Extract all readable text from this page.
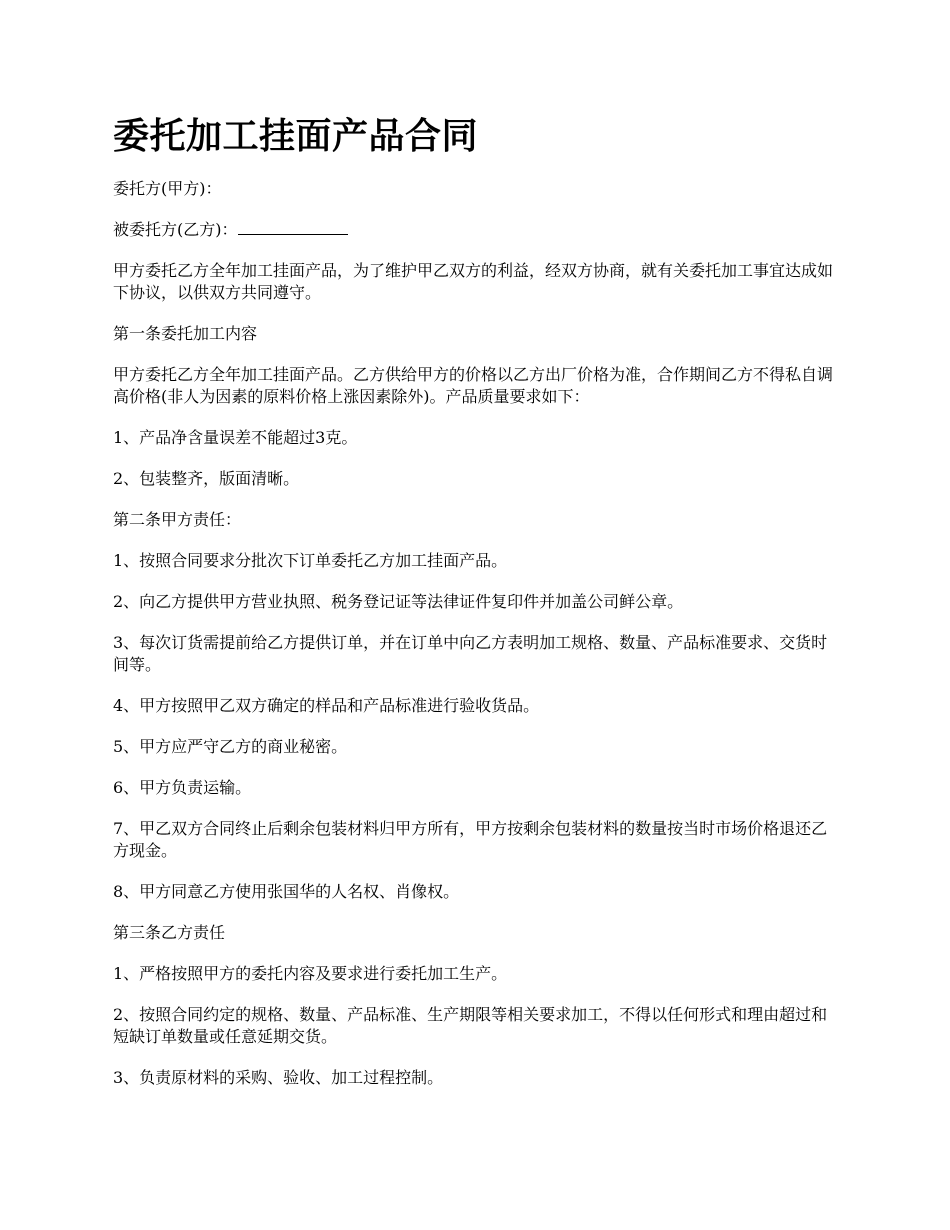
委托加工挂面产品合同

委托方(甲方)：

被委托方(乙方)：

甲方委托乙方全年加工挂面产品，为了维护甲乙双方的利益，经双方协商，就有关委托加工事宜达成如下协议，以供双方共同遵守。

第一条委托加工内容

甲方委托乙方全年加工挂面产品。乙方供给甲方的价格以乙方出厂价格为准，合作期间乙方不得私自调高价格(非人为因素的原料价格上涨因素除外)。产品质量要求如下：

1、产品净含量误差不能超过3克。

2、包装整齐，版面清晰。

第二条甲方责任：

1、按照合同要求分批次下订单委托乙方加工挂面产品。

2、向乙方提供甲方营业执照、税务登记证等法律证件复印件并加盖公司鲜公章。

3、每次订货需提前给乙方提供订单，并在订单中向乙方表明加工规格、数量、产品标准要求、交货时间等。

4、甲方按照甲乙双方确定的样品和产品标准进行验收货品。

5、甲方应严守乙方的商业秘密。

6、甲方负责运输。

7、甲乙双方合同终止后剩余包装材料归甲方所有，甲方按剩余包装材料的数量按当时市场价格退还乙方现金。

8、甲方同意乙方使用张国华的人名权、肖像权。

第三条乙方责任

1、严格按照甲方的委托内容及要求进行委托加工生产。

2、按照合同约定的规格、数量、产品标准、生产期限等相关要求加工，不得以任何形式和理由超过和短缺订单数量或任意延期交货。

3、负责原材料的采购、验收、加工过程控制。
